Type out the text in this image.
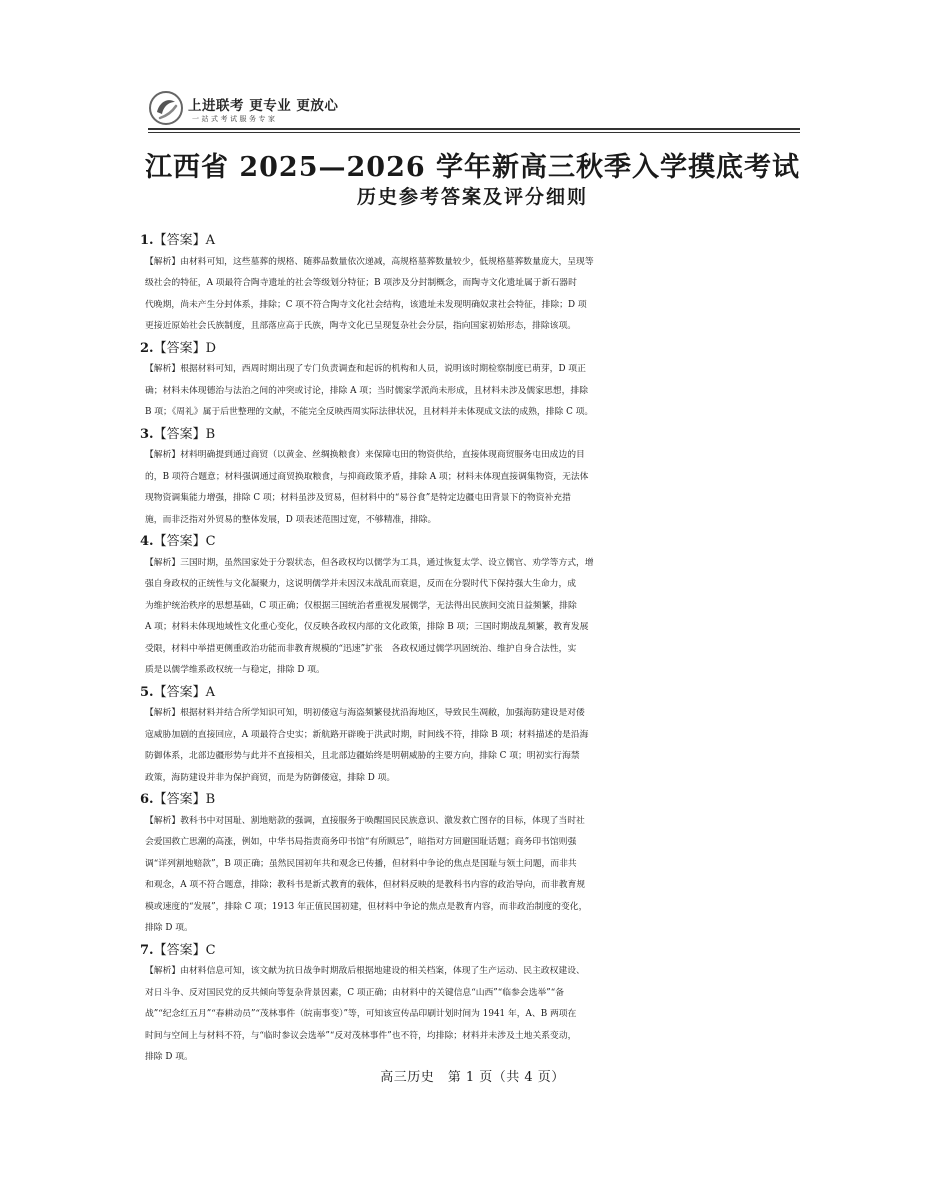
上进联考 更专业 更放心
一站式考试服务专家
江西省 2025—2026 学年新高三秋季入学摸底考试
历史参考答案及评分细则
1.【答案】A
【解析】由材料可知，这些墓葬的规格、随葬品数量依次递减，高规格墓葬数量较少，低规格墓葬数量庞大，呈现等
级社会的特征，A 项最符合陶寺遗址的社会等级划分特征；B 项涉及分封制概念，而陶寺文化遗址属于新石器时
代晚期，尚未产生分封体系，排除；C 项不符合陶寺文化社会结构，该遗址未发现明确奴隶社会特征，排除；D 项
更接近原始社会氏族制度，且部落应高于氏族，陶寺文化已呈现复杂社会分层，指向国家初始形态，排除该项。
2.【答案】D
【解析】根据材料可知，西周时期出现了专门负责调查和起诉的机构和人员，说明该时期检察制度已萌芽，D 项正
确；材料未体现德治与法治之间的冲突或讨论，排除 A 项；当时儒家学派尚未形成，且材料未涉及儒家思想，排除
B 项；《周礼》属于后世整理的文献，不能完全反映西周实际法律状况，且材料并未体现成文法的成熟，排除 C 项。
3.【答案】B
【解析】材料明确提到通过商贸（以黄金、丝绸换粮食）来保障屯田的物资供给，直接体现商贸服务屯田成边的目
的，B 项符合题意；材料强调通过商贸换取粮食，与抑商政策矛盾，排除 A 项；材料未体现直接调集物资，无法体
现物资调集能力增强，排除 C 项；材料虽涉及贸易，但材料中的“易谷食”是特定边疆屯田背景下的物资补充措
施，而非泛指对外贸易的整体发展，D 项表述范围过宽，不够精准，排除。
4.【答案】C
【解析】三国时期，虽然国家处于分裂状态，但各政权均以儒学为工具，通过恢复太学、设立儒官、劝学等方式，增
强自身政权的正统性与文化凝聚力，这说明儒学并未因汉末战乱而衰退，反而在分裂时代下保持强大生命力，成
为维护统治秩序的思想基础，C 项正确；仅根据三国统治者重视发展儒学，无法得出民族间交流日益频繁，排除
A 项；材料未体现地域性文化重心变化，仅反映各政权内部的文化政策，排除 B 项；三国时期战乱频繁，教育发展
受限，材料中举措更侧重政治功能而非教育规模的“迅速”扩张　各政权通过儒学巩固统治、维护自身合法性，实
质是以儒学维系政权统一与稳定，排除 D 项。
5.【答案】A
【解析】根据材料并结合所学知识可知，明初倭寇与海盗频繁侵扰沿海地区，导致民生凋敝，加强海防建设是对倭
寇威胁加剧的直接回应，A 项最符合史实；新航路开辟晚于洪武时期，时间线不符，排除 B 项；材料描述的是沿海
防御体系，北部边疆形势与此并不直接相关，且北部边疆始终是明朝威胁的主要方向，排除 C 项；明初实行海禁
政策，海防建设并非为保护商贸，而是为防御倭寇，排除 D 项。
6.【答案】B
【解析】教科书中对国耻、割地赔款的强调，直接服务于唤醒国民民族意识、激发救亡图存的目标，体现了当时社
会爱国救亡思潮的高涨，例如，中华书局指责商务印书馆“有所顾忌”，暗指对方回避国耻话题；商务印书馆则强
调“详列割地赔款”，B 项正确；虽然民国初年共和观念已传播，但材料中争论的焦点是国耻与领土问题，而非共
和观念，A 项不符合题意，排除；教科书是新式教育的载体，但材料反映的是教科书内容的政治导向，而非教育规
模或速度的“发展”，排除 C 项；1913 年正值民国初建，但材料中争论的焦点是教育内容，而非政治制度的变化，
排除 D 项。
7.【答案】C
【解析】由材料信息可知，该文献为抗日战争时期敌后根据地建设的相关档案，体现了生产运动、民主政权建设、
对日斗争、反对国民党的反共倾向等复杂背景因素，C 项正确；由材料中的关键信息“山西”“临参会选举”“备
战”“纪念红五月”“春耕动员”“茂林事件（皖南事变）”等，可知该宣传品印刷计划时间为 1941 年，A、B 两项在
时间与空间上与材料不符，与“临时参议会选举”“反对茂林事件”也不符，均排除；材料并未涉及土地关系变动，
排除 D 项。
高三历史　第 1 页（共 4 页）
